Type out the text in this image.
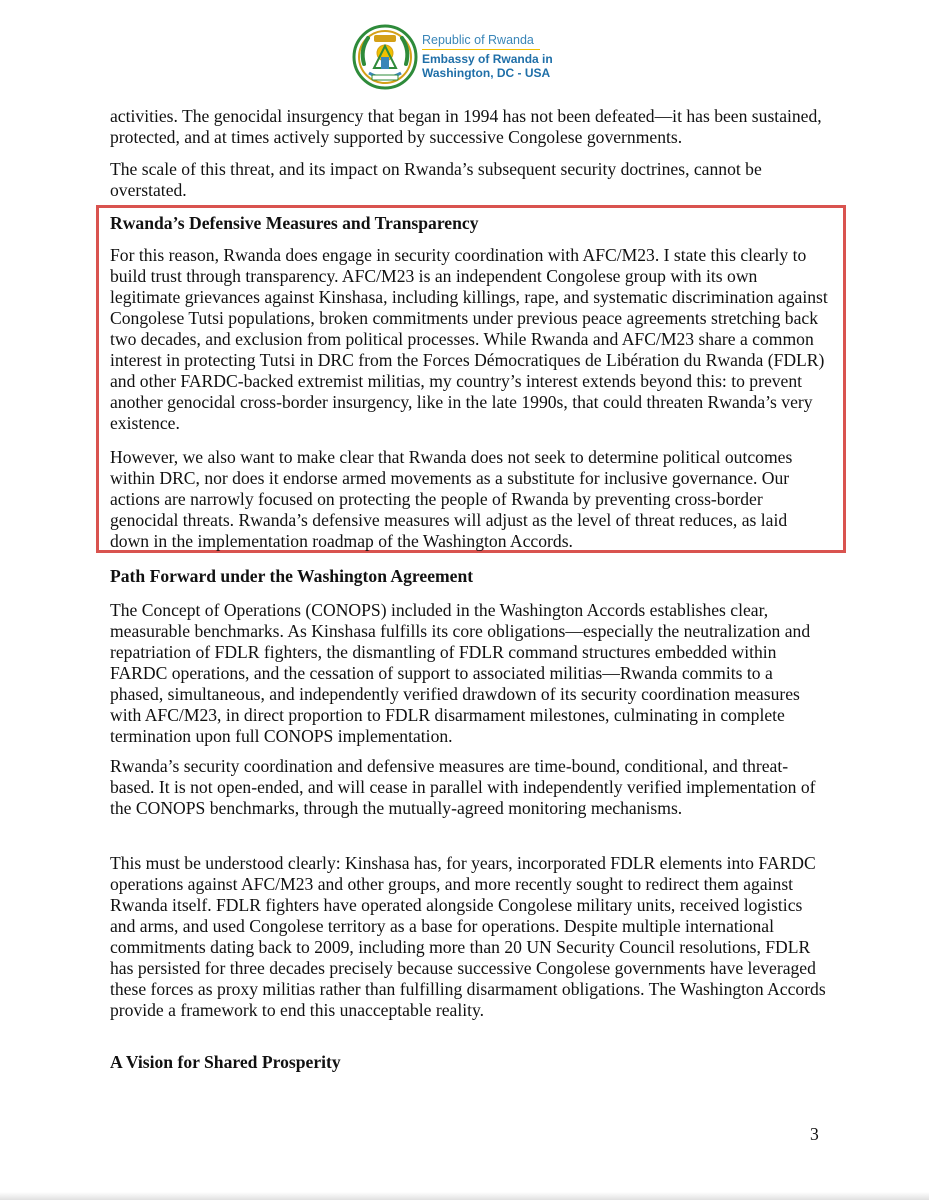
Republic of Rwanda
Embassy of Rwanda in
Washington, DC - USA

activities. The genocidal insurgency that began in 1994 has not been defeated—it has been sustained, protected, and at times actively supported by successive Congolese governments.

The scale of this threat, and its impact on Rwanda’s subsequent security doctrines, cannot be overstated.

Rwanda’s Defensive Measures and Transparency

For this reason, Rwanda does engage in security coordination with AFC/M23. I state this clearly to build trust through transparency. AFC/M23 is an independent Congolese group with its own legitimate grievances against Kinshasa, including killings, rape, and systematic discrimination against Congolese Tutsi populations, broken commitments under previous peace agreements stretching back two decades, and exclusion from political processes. While Rwanda and AFC/M23 share a common interest in protecting Tutsi in DRC from the Forces Démocratiques de Libération du Rwanda (FDLR) and other FARDC-backed extremist militias, my country’s interest extends beyond this: to prevent another genocidal cross-border insurgency, like in the late 1990s, that could threaten Rwanda’s very existence.

However, we also want to make clear that Rwanda does not seek to determine political outcomes within DRC, nor does it endorse armed movements as a substitute for inclusive governance. Our actions are narrowly focused on protecting the people of Rwanda by preventing cross-border genocidal threats. Rwanda’s defensive measures will adjust as the level of threat reduces, as laid down in the implementation roadmap of the Washington Accords.

Path Forward under the Washington Agreement

The Concept of Operations (CONOPS) included in the Washington Accords establishes clear, measurable benchmarks. As Kinshasa fulfills its core obligations—especially the neutralization and repatriation of FDLR fighters, the dismantling of FDLR command structures embedded within FARDC operations, and the cessation of support to associated militias—Rwanda commits to a phased, simultaneous, and independently verified drawdown of its security coordination measures with AFC/M23, in direct proportion to FDLR disarmament milestones, culminating in complete termination upon full CONOPS implementation.

Rwanda’s security coordination and defensive measures are time-bound, conditional, and threat-based. It is not open-ended, and will cease in parallel with independently verified implementation of the CONOPS benchmarks, through the mutually-agreed monitoring mechanisms.

This must be understood clearly: Kinshasa has, for years, incorporated FDLR elements into FARDC operations against AFC/M23 and other groups, and more recently sought to redirect them against Rwanda itself. FDLR fighters have operated alongside Congolese military units, received logistics and arms, and used Congolese territory as a base for operations. Despite multiple international commitments dating back to 2009, including more than 20 UN Security Council resolutions, FDLR has persisted for three decades precisely because successive Congolese governments have leveraged these forces as proxy militias rather than fulfilling disarmament obligations. The Washington Accords provide a framework to end this unacceptable reality.

A Vision for Shared Prosperity

3
